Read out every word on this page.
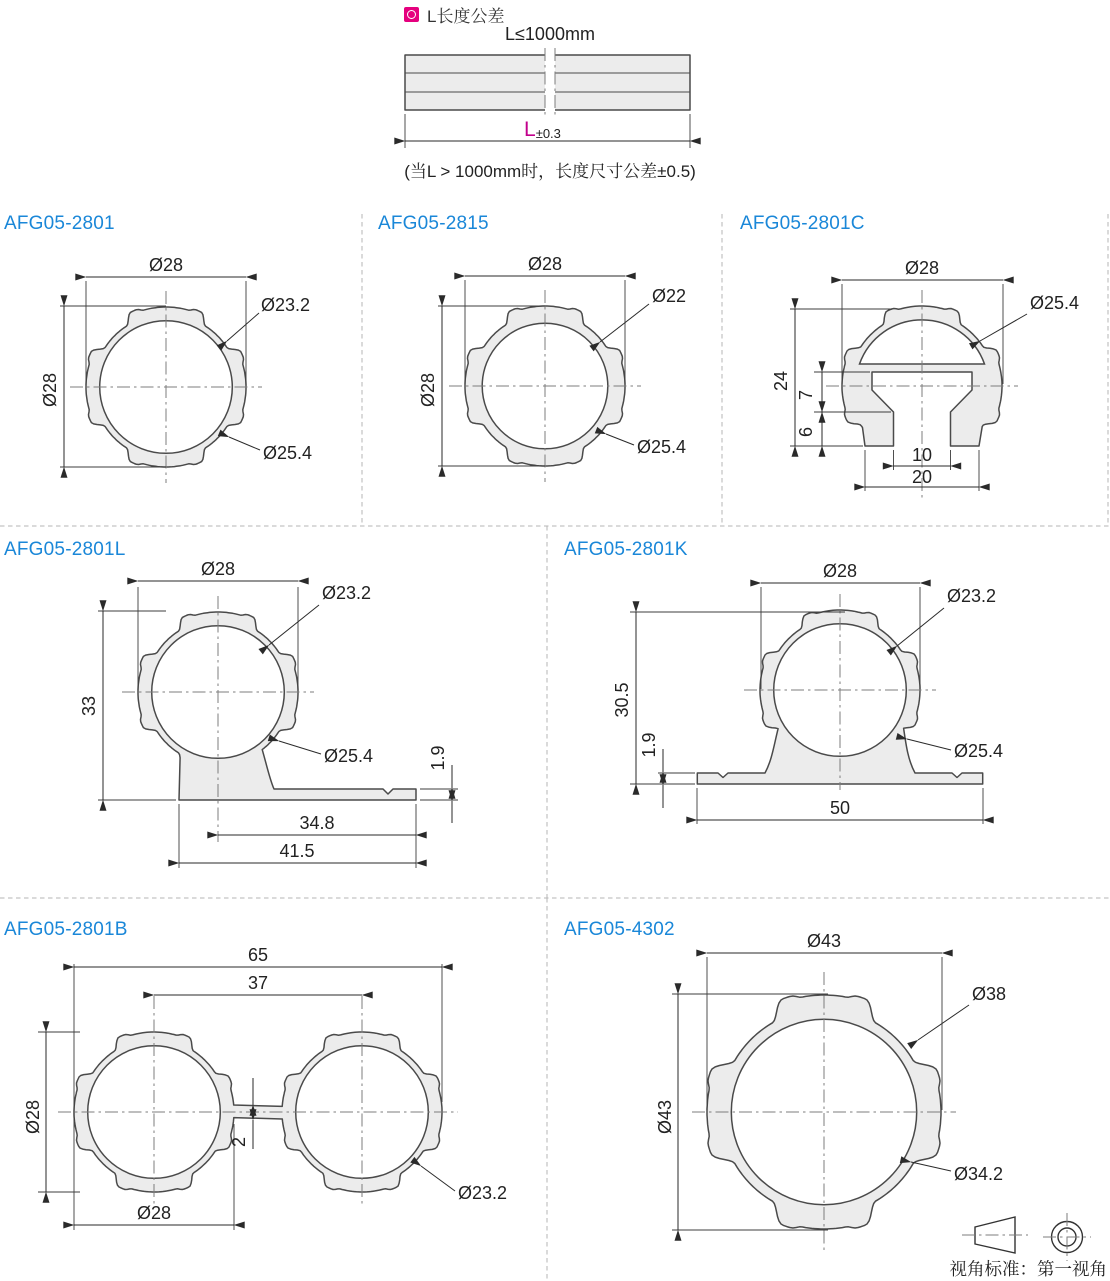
L长度公差
L≤1000mm
(当L > 1000mm时，长度尺寸公差±0.5)
AFG05-2801	AFG05-2815	AFG05-2801C
AFG05-2801L	AFG05-2801K
AFG05-2801B	AFG05-4302
视角标准：第一视角
L±0.3
Ø28
Ø28
Ø23.2
Ø25.4
Ø28
Ø28
Ø22
Ø25.4
Ø28
Ø25.4
24
7
6
10
20
Ø28
Ø23.2
33
Ø25.4	1.9
34.8
41.5
Ø28
Ø23.2
30.5
1.9	Ø25.4
50
65
37
Ø28
2
Ø28
Ø23.2
Ø43
Ø43
Ø38
Ø34.2
